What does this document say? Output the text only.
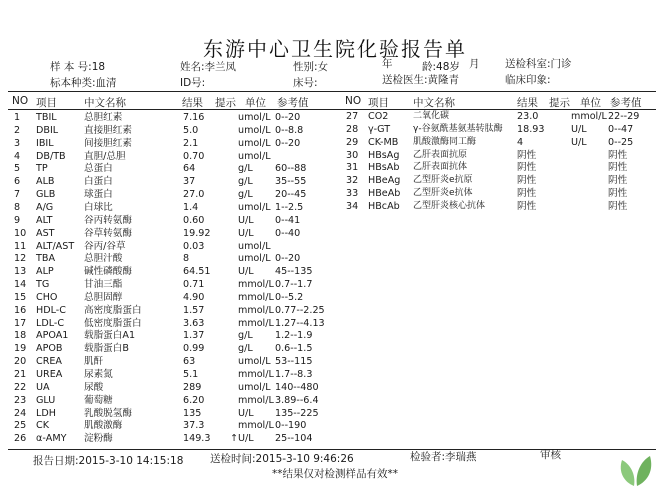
东游中心卫生院化验报告单
样 本 号:18	姓名:李兰凤	性别:女	年	龄:48岁 月 送检科室:门诊
标本种类:血清	ID号:	床号:	送检医生:黄隆青	临床印象:
NO 项目	中文名称	结果 提示 单位 参考值	NO 项目 中文名称	结果 提示 单位 参考值
1 TBIL	总胆红素	7.16	umol/L 0--20
2 DBIL	直接胆红素	5.0	umol/L 0--8.8
3 IBIL	间接胆红素	2.1	umol/L 0--20
4 DB/TB 直胆/总胆	0.70	umol/L
5 TP	总蛋白	64	g/L 60--88
6 ALB	白蛋白	37	g/L 35--55
7 GLB	球蛋白	27.0	g/L 20--45
8 A/G	白球比	1.4	umol/L 1--2.5
9 ALT	谷丙转氨酶	0.60	U/L 0--41
10 AST	谷草转氨酶	19.92	U/L 0--40
11 ALT/AST 谷丙/谷草	0.03	umol/L
12 TBA	总胆汁酸	8	umol/L 0--20
13 ALP	碱性磷酸酶	64.51	U/L 45--135
14 TG	甘油三酯	0.71	mmol/L 0.7--1.7
15 CHO	总胆固醇	4.90	mmol/L 0--5.2
16 HDL-C 高密度脂蛋白	1.57	mmol/L 0.77--2.25
17 LDL-C 低密度脂蛋白	3.63	mmol/L 1.27--4.13
18 APOA1 载脂蛋白A1	1.37	g/L 1.2--1.9
19 APOB 载脂蛋白B	0.99	g/L 0.6--1.5
20 CREA 肌酐	63	umol/L 53--115
21 UREA 尿素氮	5.1	mmol/L 1.7--8.3
22 UA	尿酸	289	umol/L 140--480
23 GLU	葡萄糖	6.20	mmol/L 3.89--6.4
24 LDH	乳酸脱氢酶	135	U/L 135--225
25 CK	肌酸激酶	37.3	mmol/L 0--190
26 α-AMY 淀粉酶	149.3 ↑ U/L 25--104
27 CO2	二氧化碳	23.0	mmol/L 22--29
28 γ-GT	γ-谷氨酰基氨基转肽酶 18.93	U/L 0--47
29 CK-MB 肌酸激酶同工酶	4	U/L 0--25
30 HBsAg 乙肝表面抗原	阴性	阴性
31 HBsAb 乙肝表面抗体	阴性	阴性
32 HBeAg 乙型肝炎e抗原	阴性	阴性
33 HBeAb 乙型肝炎e抗体	阴性	阴性
34 HBcAb 乙型肝炎核心抗体	阴性	阴性
报告日期:2015-3-10 14:15:18	送检时间:2015-3-10 9:46:26	检验者:李瑞燕	审核
**结果仅对检测样品有效**
